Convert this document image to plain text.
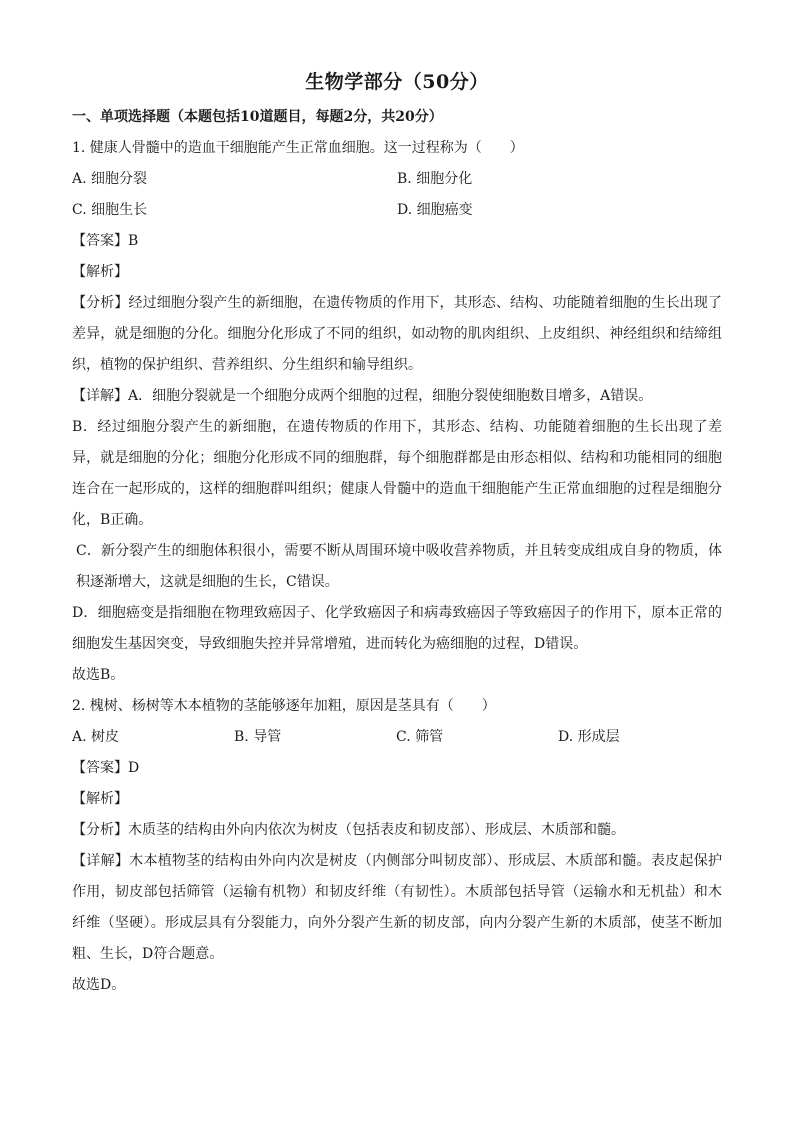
生物学部分（50分）
一、单项选择题（本题包括10道题目，每题2分，共20分）
1. 健康人骨髓中的造血干细胞能产生正常血细胞。这一过程称为（　　）
A. 细胞分裂	B. 细胞分化
C. 细胞生长	D. 细胞癌变
【答案】B
【解析】
【分析】经过细胞分裂产生的新细胞，在遗传物质的作用下，其形态、结构、功能随着细胞的生长出现了差异，就是细胞的分化。细胞分化形成了不同的组织，如动物的肌肉组织、上皮组织、神经组织和结缔组织，植物的保护组织、营养组织、分生组织和输导组织。
【详解】A．细胞分裂就是一个细胞分成两个细胞的过程，细胞分裂使细胞数目增多，A错误。
B．经过细胞分裂产生的新细胞，在遗传物质的作用下，其形态、结构、功能随着细胞的生长出现了差异，就是细胞的分化；细胞分化形成不同的细胞群，每个细胞群都是由形态相似、结构和功能相同的细胞连合在一起形成的，这样的细胞群叫组织；健康人骨髓中的造血干细胞能产生正常血细胞的过程是细胞分化，B正确。
C．新分裂产生的细胞体积很小，需要不断从周围环境中吸收营养物质，并且转变成组成自身的物质，体积逐渐增大，这就是细胞的生长，C错误。
D．细胞癌变是指细胞在物理致癌因子、化学致癌因子和病毒致癌因子等致癌因子的作用下，原本正常的细胞发生基因突变，导致细胞失控并异常增殖，进而转化为癌细胞的过程，D错误。
故选B。
2. 槐树、杨树等木本植物的茎能够逐年加粗，原因是茎具有（　　）
A. 树皮	B. 导管	C. 筛管	D. 形成层
【答案】D
【解析】
【分析】木质茎的结构由外向内依次为树皮（包括表皮和韧皮部）、形成层、木质部和髓。
【详解】木本植物茎的结构由外向内次是树皮（内侧部分叫韧皮部）、形成层、木质部和髓。表皮起保护作用，韧皮部包括筛管（运输有机物）和韧皮纤维（有韧性）。木质部包括导管（运输水和无机盐）和木纤维（坚硬）。形成层具有分裂能力，向外分裂产生新的韧皮部，向内分裂产生新的木质部，使茎不断加粗、生长，D符合题意。
故选D。
